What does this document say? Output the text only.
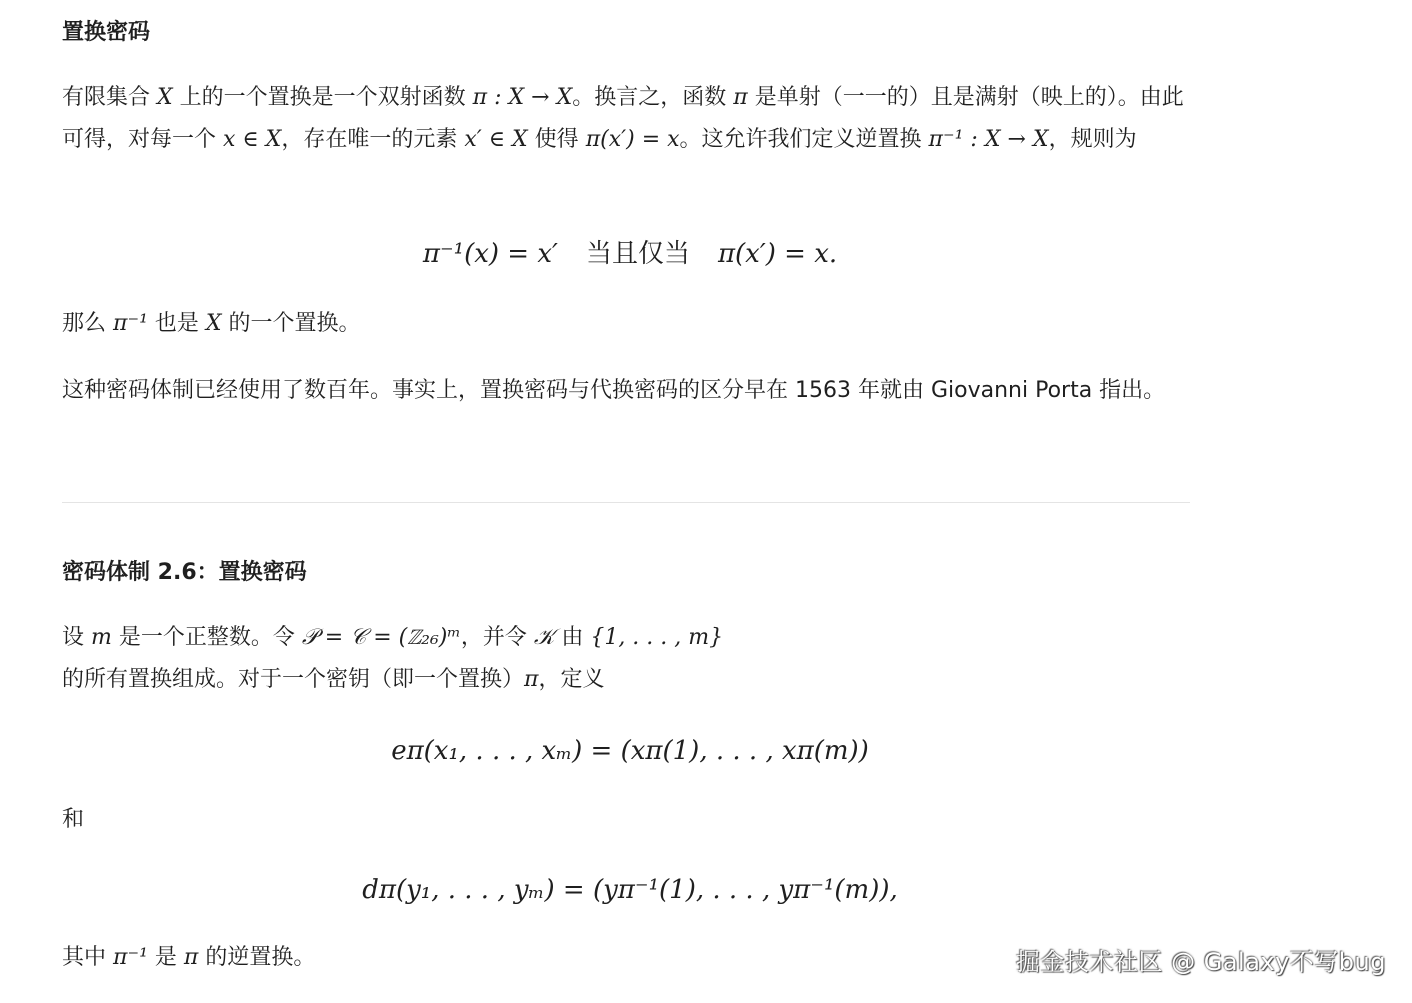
置换密码

有限集合 X 上的一个置换是一个双射函数 π : X → X。换言之，函数 π 是单射（一一的）且是满射（映上的）。由此可得，对每一个 x ∈ X，存在唯一的元素 x′ ∈ X 使得 π(x′) = x。这允许我们定义逆置换 π⁻¹ : X → X，规则为

π⁻¹(x) = x′ 当且仅当 π(x′) = x.

那么 π⁻¹ 也是 X 的一个置换。

这种密码体制已经使用了数百年。事实上，置换密码与代换密码的区分早在 1563 年就由 Giovanni Porta 指出。

密码体制 2.6：置换密码

设 m 是一个正整数。令 𝒫 = 𝒞 = (ℤ₂₆)ᵐ，并令 𝒦 由 {1, . . . , m} 的所有置换组成。对于一个密钥（即一个置换）π，定义

eπ(x₁, . . . , xₘ) = (xπ(1), . . . , xπ(m))

和

dπ(y₁, . . . , yₘ) = (yπ⁻¹(1), . . . , yπ⁻¹(m)),

其中 π⁻¹ 是 π 的逆置换。	掘金技术社区 @ Galaxy不写bug
